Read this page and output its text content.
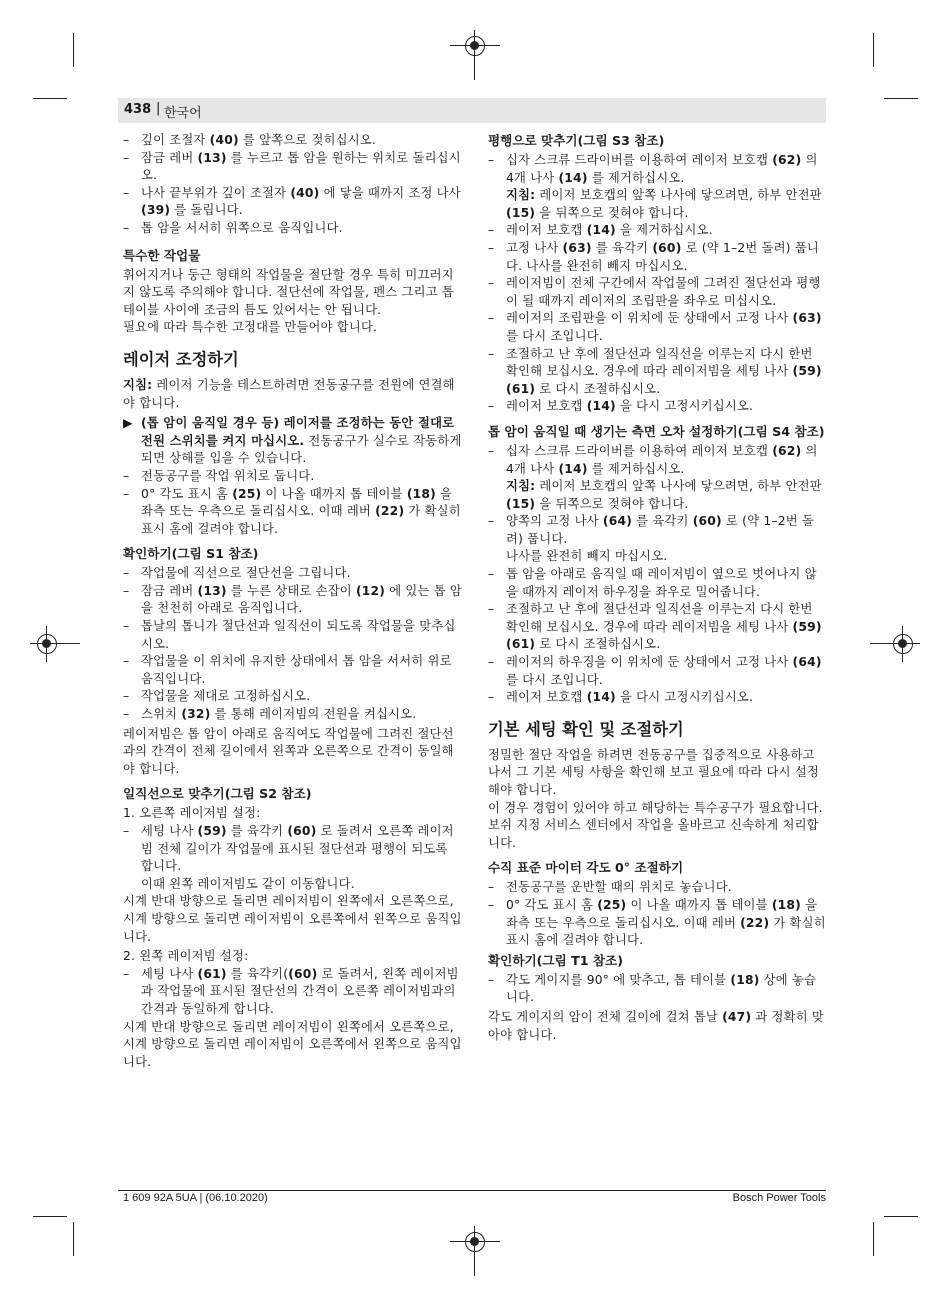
438 | 한국어
– 깊이 조절자 (40) 를 앞쪽으로 젖히십시오.
– 잠금 레버 (13) 를 누르고 톱 암을 원하는 위치로 돌리십시오.
– 나사 끝부위가 깊이 조절자 (40) 에 닿을 때까지 조정 나사 (39) 를 돌립니다.
– 톱 암을 서서히 위쪽으로 움직입니다.
특수한 작업물

휘어지거나 둥근 형태의 작업물을 절단할 경우 특히 미끄러지지 않도록 주의해야 합니다. 절단선에 작업물, 펜스 그리고 톱 테이블 사이에 조금의 틈도 있어서는 안 됩니다.

필요에 따라 특수한 고정대를 만들어야 합니다.

레이저 조정하기

지침: 레이저 기능을 테스트하려면 전동공구를 전원에 연결해야 합니다.

▶ (톱 암이 움직일 경우 등) 레이저를 조정하는 동안 절대로 전원 스위치를 켜지 마십시오. 전동공구가 실수로 작동하게 되면 상해를 입을 수 있습니다.
– 전동공구를 작업 위치로 둡니다.
– 0° 각도 표시 홈 (25) 이 나올 때까지 톱 테이블 (18) 을 좌측 또는 우측으로 돌리십시오. 이때 레버 (22) 가 확실히 표시 홈에 걸려야 합니다.
확인하기(그림 S1 참조)
– 작업물에 직선으로 절단선을 그립니다.
– 잠금 레버 (13) 를 누른 상태로 손잡이 (12) 에 있는 톱 암을 천천히 아래로 움직입니다.
– 톱날의 톱니가 절단선과 일직선이 되도록 작업물을 맞추십시오.
– 작업물을 이 위치에 유지한 상태에서 톱 암을 서서히 위로 움직입니다.
– 작업물을 제대로 고정하십시오.
– 스위치 (32) 를 통해 레이저빔의 전원을 켜십시오.

레이저빔은 톱 암이 아래로 움직여도 작업물에 그려진 절단선과의 간격이 전체 길이에서 왼쪽과 오른쪽으로 간격이 동일해야 합니다.

일직선으로 맞추기(그림 S2 참조)

1. 오른쪽 레이저빔 설정:

– 세팅 나사 (59) 를 육각키 (60) 로 돌려서 오른쪽 레이저빔 전체 길이가 작업물에 표시된 절단선과 평행이 되도록 합니다.

이때 왼쪽 레이저빔도 같이 이동합니다.

시계 반대 방향으로 돌리면 레이저빔이 왼쪽에서 오른쪽으로, 시계 방향으로 돌리면 레이저빔이 오른쪽에서 왼쪽으로 움직입니다.

2. 왼쪽 레이저빔 설정:

– 세팅 나사 (61) 를 육각키((60) 로 돌려서, 왼쪽 레이저빔과 작업물에 표시된 절단선의 간격이 오른쪽 레이저빔과의 간격과 동일하게 합니다.

시계 반대 방향으로 돌리면 레이저빔이 왼쪽에서 오른쪽으로, 시계 방향으로 돌리면 레이저빔이 오른쪽에서 왼쪽으로 움직입니다.

평행으로 맞추기(그림 S3 참조)
– 십자 스크류 드라이버를 이용하여 레이저 보호캡 (62) 의 4개 나사 (14) 를 제거하십시오.
지침: 레이저 보호캡의 앞쪽 나사에 닿으려면, 하부 안전판 (15) 을 뒤쪽으로 젖혀야 합니다.
– 레이저 보호캡 (14) 을 제거하십시오.
– 고정 나사 (63) 를 육각키 (60) 로 (약 1–2번 돌려) 풉니다. 나사를 완전히 빼지 마십시오.
– 레이저빔이 전체 구간에서 작업물에 그려진 절단선과 평행이 될 때까지 레이저의 조립판을 좌우로 미십시오.
– 레이저의 조립판을 이 위치에 둔 상태에서 고정 나사 (63) 를 다시 조입니다.
– 조절하고 난 후에 절단선과 일직선을 이루는지 다시 한번 확인해 보십시오. 경우에 따라 레이저빔을 세팅 나사 (59)(61) 로 다시 조절하십시오.
– 레이저 보호캡 (14) 을 다시 고정시키십시오.
톱 암이 움직일 때 생기는 측면 오차 설정하기(그림 S4 참조)
– 십자 스크류 드라이버를 이용하여 레이저 보호캡 (62) 의 4개 나사 (14) 를 제거하십시오.
지침: 레이저 보호캡의 앞쪽 나사에 닿으려면, 하부 안전판 (15) 을 뒤쪽으로 젖혀야 합니다.
– 양쪽의 고정 나사 (64) 를 육각키 (60) 로 (약 1–2번 돌려) 풉니다.
나사를 완전히 빼지 마십시오.
– 톱 암을 아래로 움직일 때 레이저빔이 옆으로 벗어나지 않을 때까지 레이저 하우징을 좌우로 밀어줍니다.
– 조절하고 난 후에 절단선과 일직선을 이루는지 다시 한번 확인해 보십시오. 경우에 따라 레이저빔을 세팅 나사 (59)(61) 로 다시 조절하십시오.
– 레이저의 하우징을 이 위치에 둔 상태에서 고정 나사 (64) 를 다시 조입니다.
– 레이저 보호캡 (14) 을 다시 고정시키십시오.
기본 세팅 확인 및 조절하기

정밀한 절단 작업을 하려면 전동공구를 집중적으로 사용하고 나서 그 기본 세팅 사항을 확인해 보고 필요에 따라 다시 설정해야 합니다.

이 경우 경험이 있어야 하고 해당하는 특수공구가 필요합니다.

보쉬 지정 서비스 센터에서 작업을 올바르고 신속하게 처리합니다.

수직 표준 마이터 각도 0° 조절하기
– 전동공구를 운반할 때의 위치로 놓습니다.
– 0° 각도 표시 홈 (25) 이 나올 때까지 톱 테이블 (18) 을 좌측 또는 우측으로 돌리십시오. 이때 레버 (22) 가 확실히 표시 홈에 걸려야 합니다.
확인하기(그림 T1 참조)
– 각도 게이지를 90° 에 맞추고, 톱 테이블 (18) 상에 놓습니다.

각도 게이지의 암이 전체 길이에 걸쳐 톱날 (47) 과 정확히 맞아야 합니다.

1 609 92A 5UA | (06.10.2020)	Bosch Power Tools
